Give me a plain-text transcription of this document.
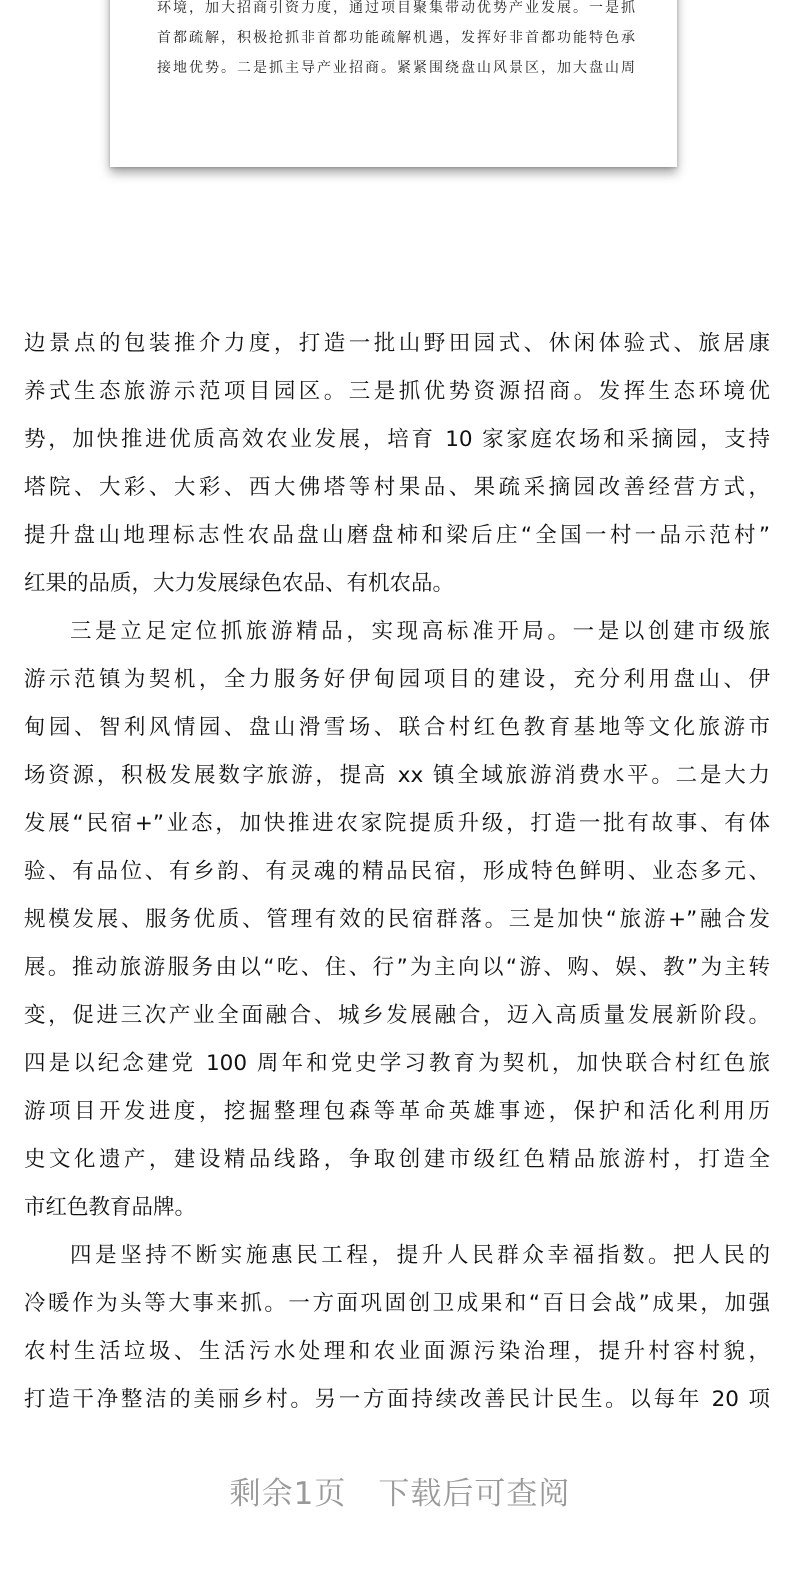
环境，加大招商引资力度，通过项目聚集带动优势产业发展。一是抓
首都疏解，积极抢抓非首都功能疏解机遇，发挥好非首都功能特色承
接地优势。二是抓主导产业招商。紧紧围绕盘山风景区，加大盘山周
边景点的包装推介力度，打造一批山野田园式、休闲体验式、旅居康
养式生态旅游示范项目园区。三是抓优势资源招商。发挥生态环境优
势，加快推进优质高效农业发展，培育 10 家家庭农场和采摘园，支持
塔院、大彩、大彩、西大佛塔等村果品、果疏采摘园改善经营方式，
提升盘山地理标志性农品盘山磨盘柿和梁后庄“全国一村一品示范村”
红果的品质，大力发展绿色农品、有机农品。
三是立足定位抓旅游精品，实现高标准开局。一是以创建市级旅
游示范镇为契机，全力服务好伊甸园项目的建设，充分利用盘山、伊
甸园、智利风情园、盘山滑雪场、联合村红色教育基地等文化旅游市
场资源，积极发展数字旅游，提高 xx 镇全域旅游消费水平。二是大力
发展“民宿+”业态，加快推进农家院提质升级，打造一批有故事、有体
验、有品位、有乡韵、有灵魂的精品民宿，形成特色鲜明、业态多元、
规模发展、服务优质、管理有效的民宿群落。三是加快“旅游+”融合发
展。推动旅游服务由以“吃、住、行”为主向以“游、购、娱、教”为主转
变，促进三次产业全面融合、城乡发展融合，迈入高质量发展新阶段。
四是以纪念建党 100 周年和党史学习教育为契机，加快联合村红色旅
游项目开发进度，挖掘整理包森等革命英雄事迹，保护和活化利用历
史文化遗产，建设精品线路，争取创建市级红色精品旅游村，打造全
市红色教育品牌。
四是坚持不断实施惠民工程，提升人民群众幸福指数。把人民的
冷暖作为头等大事来抓。一方面巩固创卫成果和“百日会战”成果，加强
农村生活垃圾、生活污水处理和农业面源污染治理，提升村容村貌，
打造干净整洁的美丽乡村。另一方面持续改善民计民生。以每年 20 项
剩余1页 下载后可查阅
